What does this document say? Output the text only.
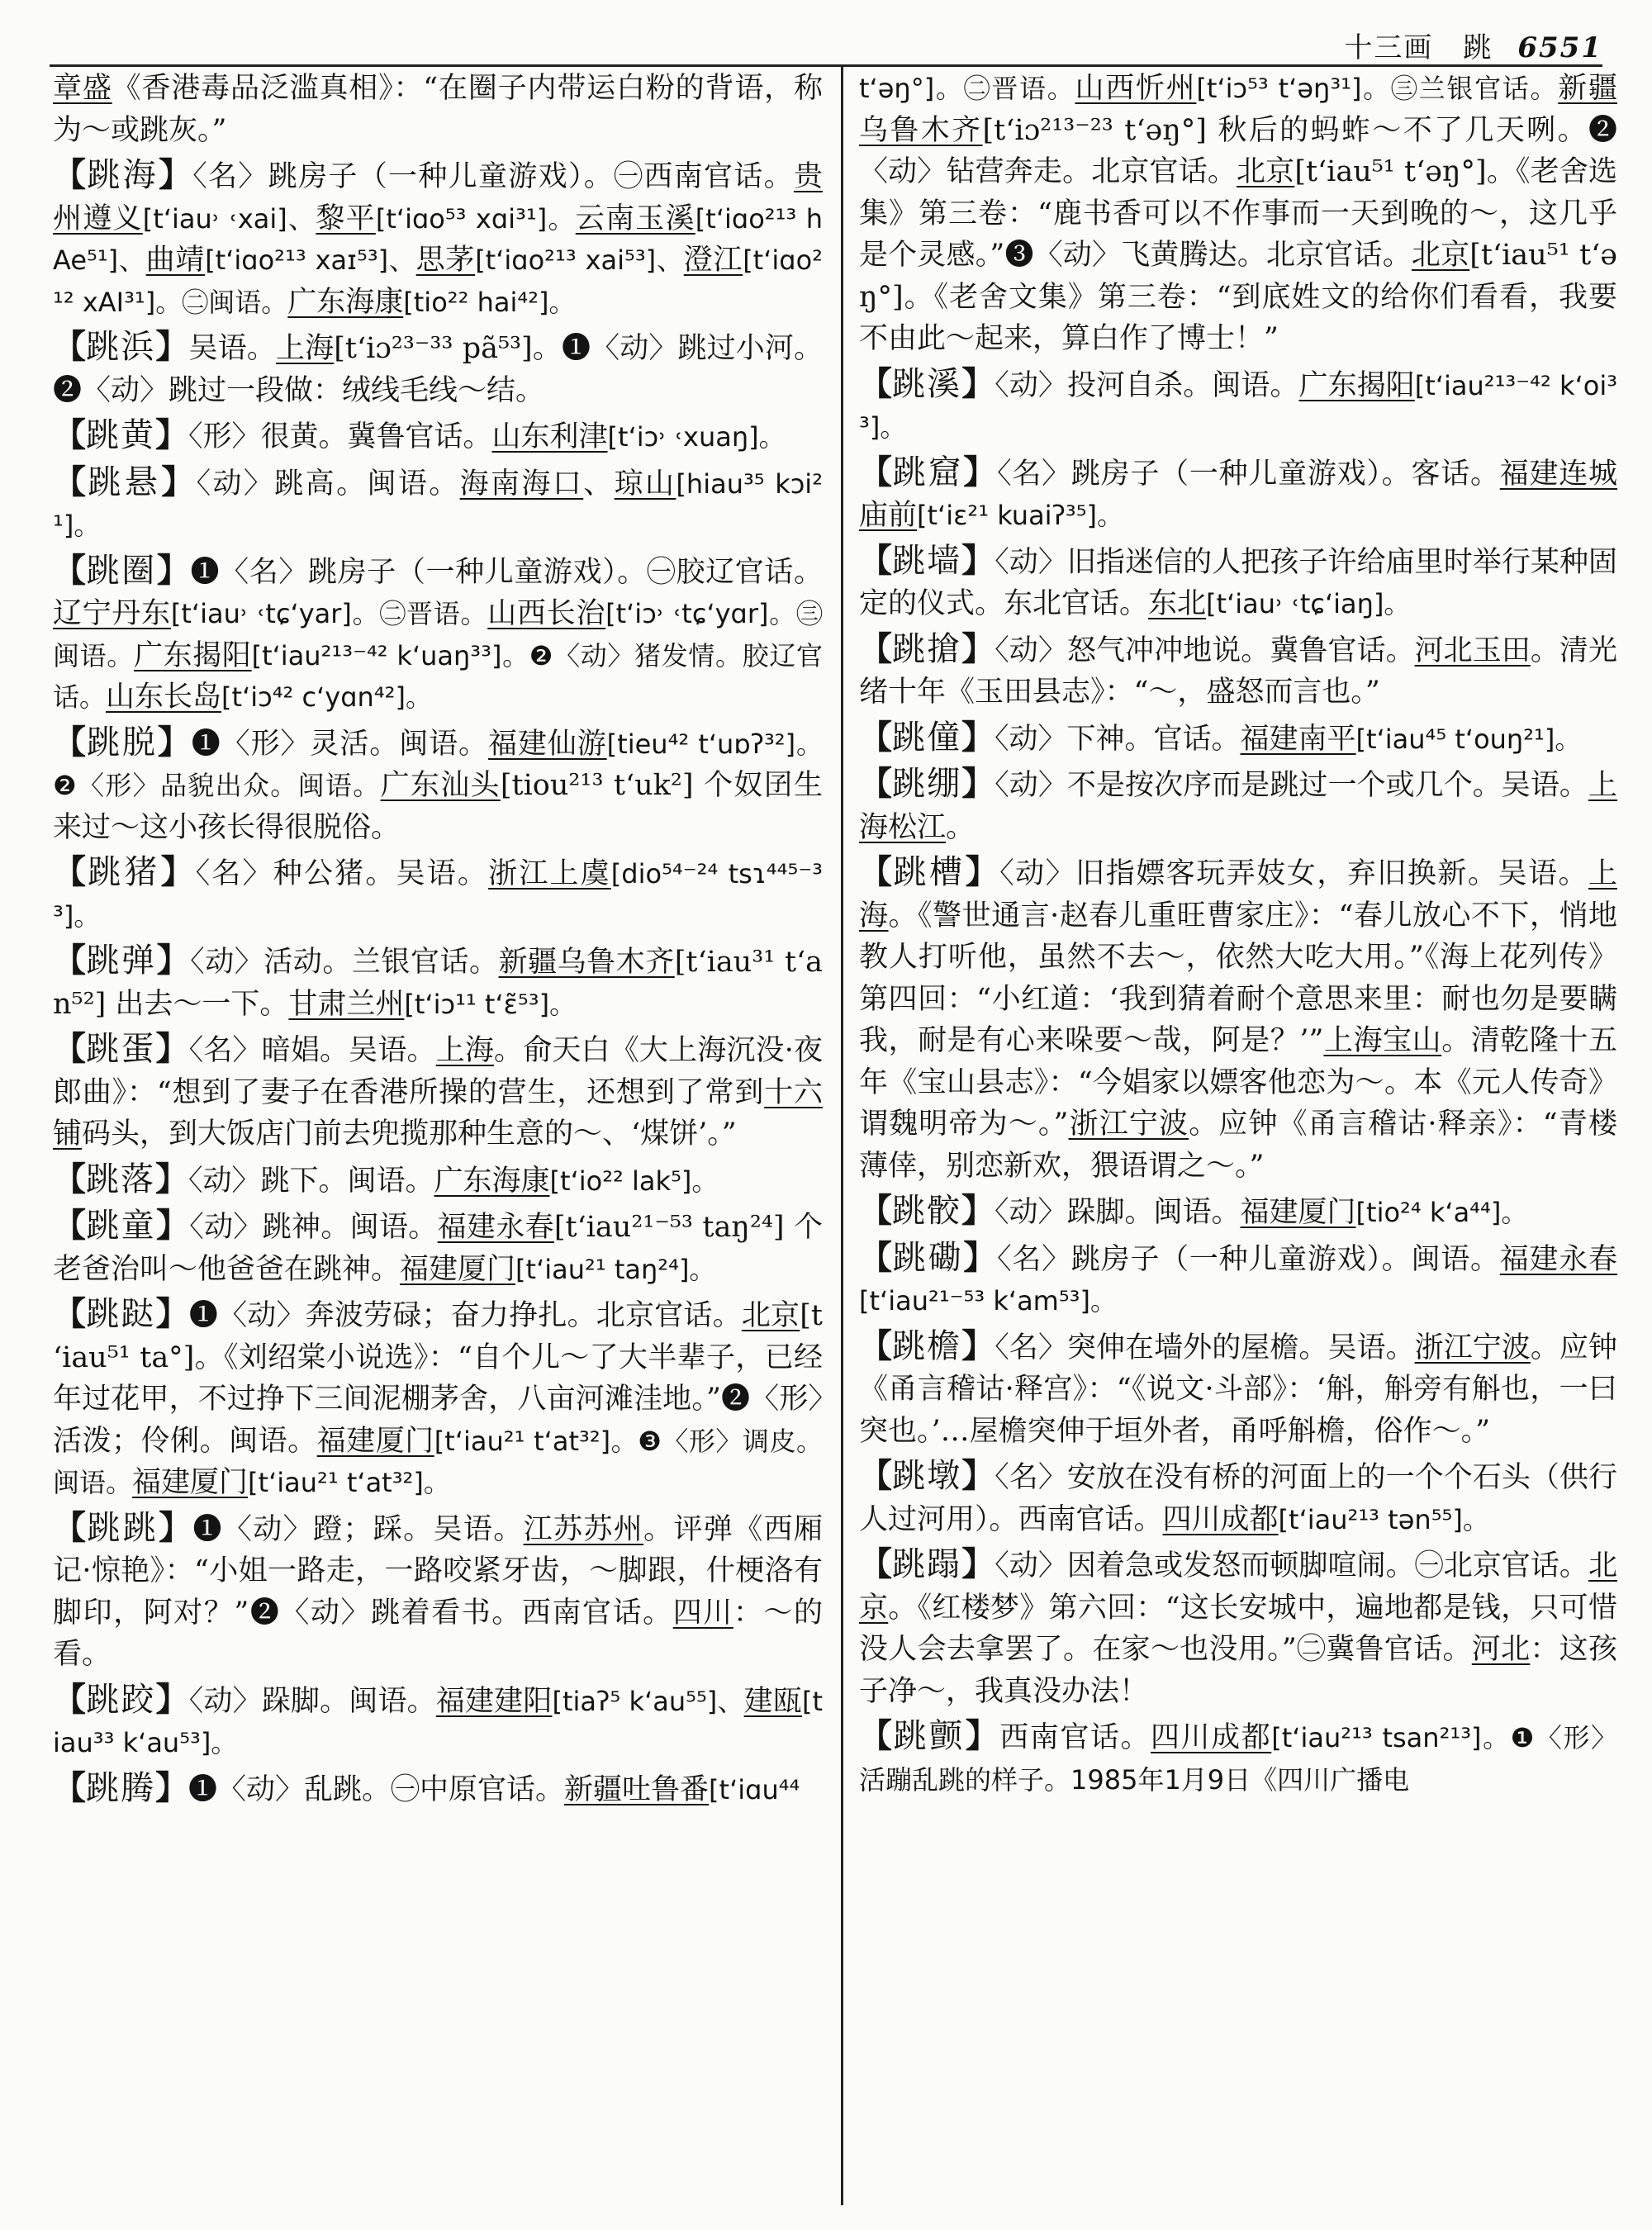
十三画　跳 6551

章盛《香港毒品泛滥真相》：“在圈子内带运白粉的背语，称为～或跳灰。”

【跳海】〈名〉跳房子（一种儿童游戏）。㊀西南官话。贵州遵义[tʻiau˒ ˓xai]、黎平[tʻiɑo⁵³ xɑi³¹]。云南玉溪[tʻiɑo²¹³ hAe⁵¹]、曲靖[tʻiɑo²¹³ xaɪ⁵³]、思茅[tʻiɑo²¹³ xai⁵³]、澄江[tʻiɑo²¹² xAI³¹]。㊁闽语。广东海康[tio²² hai⁴²]。

【跳浜】吴语。上海[tʻiɔ²³⁻³³ pã⁵³]。❶〈动〉跳过小河。❷〈动〉跳过一段做：绒线毛线～结。

【跳黄】〈形〉很黄。冀鲁官话。山东利津[tʻiɔ˒ ˓xuaŋ]。

【跳悬】〈动〉跳高。闽语。海南海口、琼山[hiau³⁵ kɔi²¹]。

【跳圈】❶〈名〉跳房子（一种儿童游戏）。㊀胶辽官话。辽宁丹东[tʻiau˒ ˓tɕʻyar]。㊁晋语。山西长治[tʻiɔ˒ ˓tɕʻyɑr]。㊂闽语。广东揭阳[tʻiau²¹³⁻⁴² kʻuaŋ³³]。❷〈动〉猪发情。胶辽官话。山东长岛[tʻiɔ⁴² cʻyɑn⁴²]。

【跳脱】❶〈形〉灵活。闽语。福建仙游[tieu⁴² tʻuɒʔ³²]。❷〈形〉品貌出众。闽语。广东汕头[tiou²¹³ tʻuk²] 个奴囝生来过～这小孩长得很脱俗。

【跳猪】〈名〉种公猪。吴语。浙江上虞[dio⁵⁴⁻²⁴ tsɿ⁴⁴⁵⁻³³]。

【跳弹】〈动〉活动。兰银官话。新疆乌鲁木齐[tʻiau³¹ tʻan⁵²] 出去～一下。甘肃兰州[tʻiɔ¹¹ tʻɛ̃⁵³]。

【跳蛋】〈名〉暗娼。吴语。上海。俞天白《大上海沉没·夜郎曲》：“想到了妻子在香港所操的营生，还想到了常到十六铺码头，到大饭店门前去兜揽那种生意的～、‘煤饼’。”

【跳落】〈动〉跳下。闽语。广东海康[tʻio²² lak⁵]。

【跳童】〈动〉跳神。闽语。福建永春[tʻiau²¹⁻⁵³ taŋ²⁴] 个老爸治叫～他爸爸在跳神。福建厦门[tʻiau²¹ taŋ²⁴]。

【跳跶】❶〈动〉奔波劳碌；奋力挣扎。北京官话。北京[tʻiau⁵¹ ta°]。《刘绍棠小说选》：“自个儿～了大半辈子，已经年过花甲，不过挣下三间泥棚茅舍，八亩河滩洼地。”❷〈形〉活泼；伶俐。闽语。福建厦门[tʻiau²¹ tʻat³²]。❸〈形〉调皮。闽语。福建厦门[tʻiau²¹ tʻat³²]。

【跳跳】❶〈动〉蹬；踩。吴语。江苏苏州。评弹《西厢记·惊艳》：“小姐一路走，一路咬紧牙齿，～脚跟，什梗洛有脚印，阿对？”❷〈动〉跳着看书。西南官话。四川：～的看。

【跳跤】〈动〉跺脚。闽语。福建建阳[tiaʔ⁵ kʻau⁵⁵]、建瓯[tiau³³ kʻau⁵³]。

【跳腾】❶〈动〉乱跳。㊀中原官话。新疆吐鲁番[tʻiɑu⁴⁴

tʻəŋ°]。㊁晋语。山西忻州[tʻiɔ⁵³ tʻəŋ³¹]。㊂兰银官话。新疆乌鲁木齐[tʻiɔ²¹³⁻²³ tʻəŋ°] 秋后的蚂蚱～不了几天咧。❷〈动〉钻营奔走。北京官话。北京[tʻiau⁵¹ tʻəŋ°]。《老舍选集》第三卷：“鹿书香可以不作事而一天到晚的～，这几乎是个灵感。”❸〈动〉飞黄腾达。北京官话。北京[tʻiau⁵¹ tʻəŋ°]。《老舍文集》第三卷：“到底姓文的给你们看看，我要不由此～起来，算白作了博士！”

【跳溪】〈动〉投河自杀。闽语。广东揭阳[tʻiau²¹³⁻⁴² kʻoi³³]。

【跳窟】〈名〉跳房子（一种儿童游戏）。客话。福建连城庙前[tʻiɛ²¹ kuaiʔ³⁵]。

【跳墙】〈动〉旧指迷信的人把孩子许给庙里时举行某种固定的仪式。东北官话。东北[tʻiau˒ ˓tɕʻiaŋ]。

【跳搶】〈动〉怒气冲冲地说。冀鲁官话。河北玉田。清光绪十年《玉田县志》：“～，盛怒而言也。”

【跳僮】〈动〉下神。官话。福建南平[tʻiau⁴⁵ tʻouŋ²¹]。

【跳绷】〈动〉不是按次序而是跳过一个或几个。吴语。上海松江。

【跳槽】〈动〉旧指嫖客玩弄妓女，弃旧换新。吴语。上海。《警世通言·赵春儿重旺曹家庄》：“春儿放心不下，悄地教人打听他，虽然不去～，依然大吃大用。”《海上花列传》第四回：“小红道：‘我到猜着耐个意思来里：耐也勿是要瞒我，耐是有心来哚要～哉，阿是？’”上海宝山。清乾隆十五年《宝山县志》：“今娼家以嫖客他恋为～。本《元人传奇》谓魏明帝为～。”浙江宁波。应钟《甬言稽诂·释亲》：“青楼薄倖，别恋新欢，猥语谓之～。”

【跳骹】〈动〉跺脚。闽语。福建厦门[tio²⁴ kʻa⁴⁴]。

【跳磡】〈名〉跳房子（一种儿童游戏）。闽语。福建永春[tʻiau²¹⁻⁵³ kʻam⁵³]。

【跳檐】〈名〉突伸在墙外的屋檐。吴语。浙江宁波。应钟《甬言稽诂·释宫》：“《说文·斗部》：‘斛，斛旁有斛也，一曰突也。’…屋檐突伸于垣外者，甬呼斛檐，俗作～。”

【跳墩】〈名〉安放在没有桥的河面上的一个个石头（供行人过河用）。西南官话。四川成都[tʻiau²¹³ tən⁵⁵]。

【跳蹋】〈动〉因着急或发怒而顿脚喧闹。㊀北京官话。北京。《红楼梦》第六回：“这长安城中，遍地都是钱，只可惜没人会去拿罢了。在家～也没用。”㊁冀鲁官话。河北：这孩子净～，我真没办法！

【跳颤】西南官话。四川成都[tʻiau²¹³ tsan²¹³]。❶〈形〉活蹦乱跳的样子。1985年1月9日《四川广播电
